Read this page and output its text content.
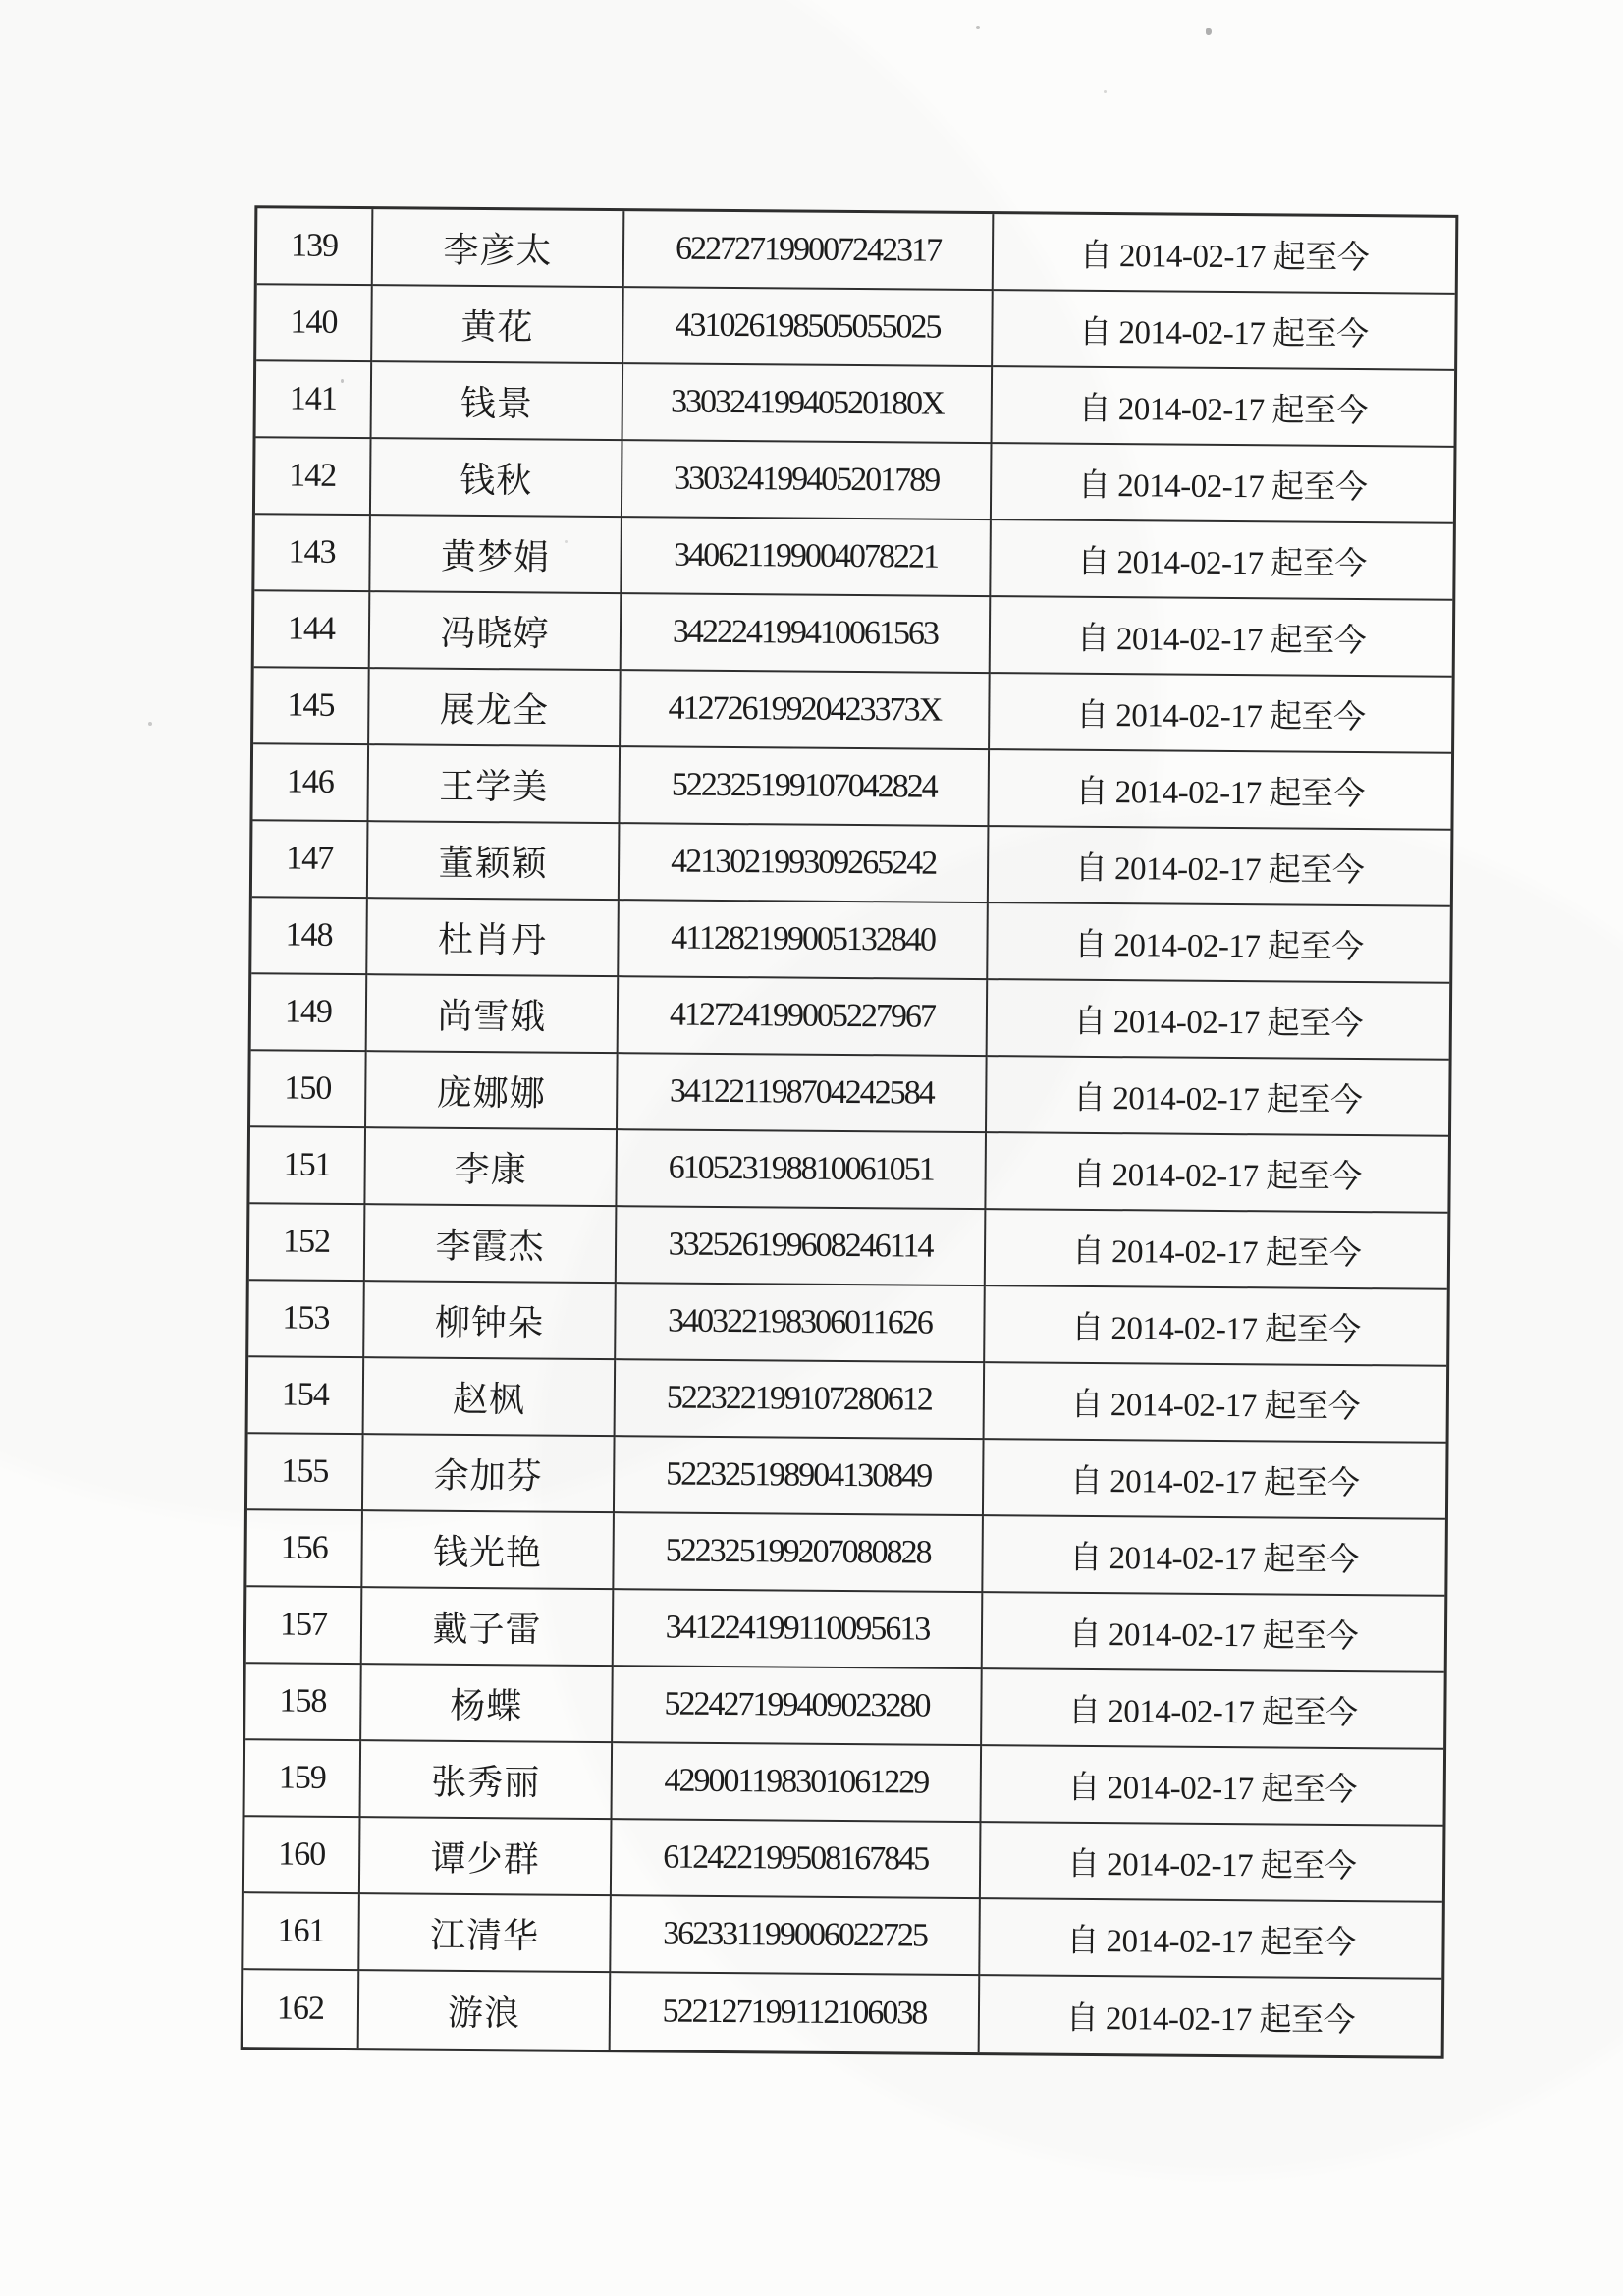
139	李彦太	622727199007242317	自 2014-02-17 起至今
140	黄花	431026198505055025	自 2014-02-17 起至今
141	钱景	33032419940520180X	自 2014-02-17 起至今
142	钱秋	330324199405201789	自 2014-02-17 起至今
143	黄梦娟	340621199004078221	自 2014-02-17 起至今
144	冯晓婷	342224199410061563	自 2014-02-17 起至今
145	展龙全	41272619920423373X	自 2014-02-17 起至今
146	王学美	522325199107042824	自 2014-02-17 起至今
147	董颖颖	421302199309265242	自 2014-02-17 起至今
148	杜肖丹	411282199005132840	自 2014-02-17 起至今
149	尚雪娥	412724199005227967	自 2014-02-17 起至今
150	庞娜娜	341221198704242584	自 2014-02-17 起至今
151	李康	610523198810061051	自 2014-02-17 起至今
152	李霞杰	332526199608246114	自 2014-02-17 起至今
153	柳钟朵	340322198306011626	自 2014-02-17 起至今
154	赵枫	522322199107280612	自 2014-02-17 起至今
155	余加芬	522325198904130849	自 2014-02-17 起至今
156	钱光艳	522325199207080828	自 2014-02-17 起至今
157	戴子雷	341224199110095613	自 2014-02-17 起至今
158	杨蝶	522427199409023280	自 2014-02-17 起至今
159	张秀丽	429001198301061229	自 2014-02-17 起至今
160	谭少群	612422199508167845	自 2014-02-17 起至今
161	江清华	362331199006022725	自 2014-02-17 起至今
162	游浪	522127199112106038	自 2014-02-17 起至今
